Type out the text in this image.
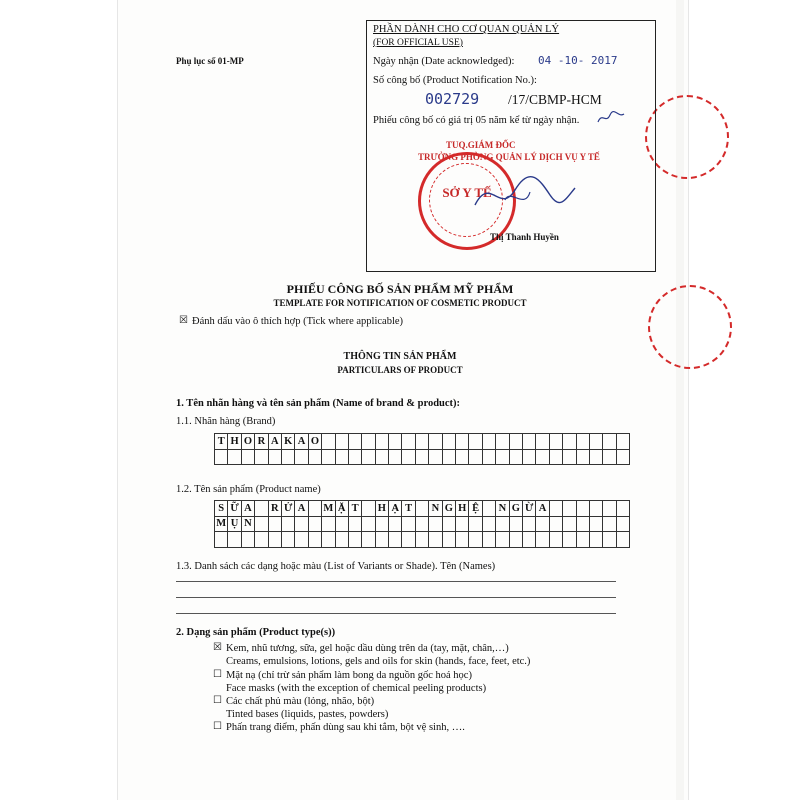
Phụ lục số 01-MP
PHẦN DÀNH CHO CƠ QUAN QUẢN LÝ
(FOR OFFICIAL USE)
Ngày nhận (Date acknowledged): 04 -10- 2017
Số công bố (Product Notification No.):
002729 /17/CBMP-HCM
Phiếu công bố có giá trị 05 năm kể từ ngày nhận.
TUQ.GIÁM ĐỐC
TRƯỞNG PHÒNG QUẢN LÝ DỊCH VỤ Y TẾ
SỞ Y TẾ
Thị Thanh Huyền
PHIẾU CÔNG BỐ SẢN PHẨM MỸ PHẨM
TEMPLATE FOR NOTIFICATION OF COSMETIC PRODUCT
☒ Đánh dấu vào ô thích hợp (Tick where applicable)
THÔNG TIN SẢN PHẨM
PARTICULARS OF PRODUCT
1. Tên nhãn hàng và tên sản phẩm (Name of brand & product):
1.1. Nhãn hàng (Brand)
T	H	O	R	A	K	A	O																							

1.2. Tên sản phẩm (Product name)
S	Ữ	A		R	Ử	A		M	Ặ	T		H	Ạ	T		N	G	H	Ệ		N	G	Ừ	A						
M	Ụ	N																												

1.3. Danh sách các dạng hoặc màu (List of Variants or Shade). Tên (Names)
2. Dạng sản phẩm (Product type(s))
☒ Kem, nhũ tương, sữa, gel hoặc dầu dùng trên da (tay, mặt, chân,…)
Creams, emulsions, lotions, gels and oils for skin (hands, face, feet, etc.)
☐ Mặt nạ (chỉ trừ sản phẩm làm bong da nguồn gốc hoá học)
Face masks (with the exception of chemical peeling products)
☐ Các chất phủ màu (lỏng, nhão, bột)
Tinted bases (liquids, pastes, powders)
☐ Phấn trang điểm, phấn dùng sau khi tắm, bột vệ sinh, ….
